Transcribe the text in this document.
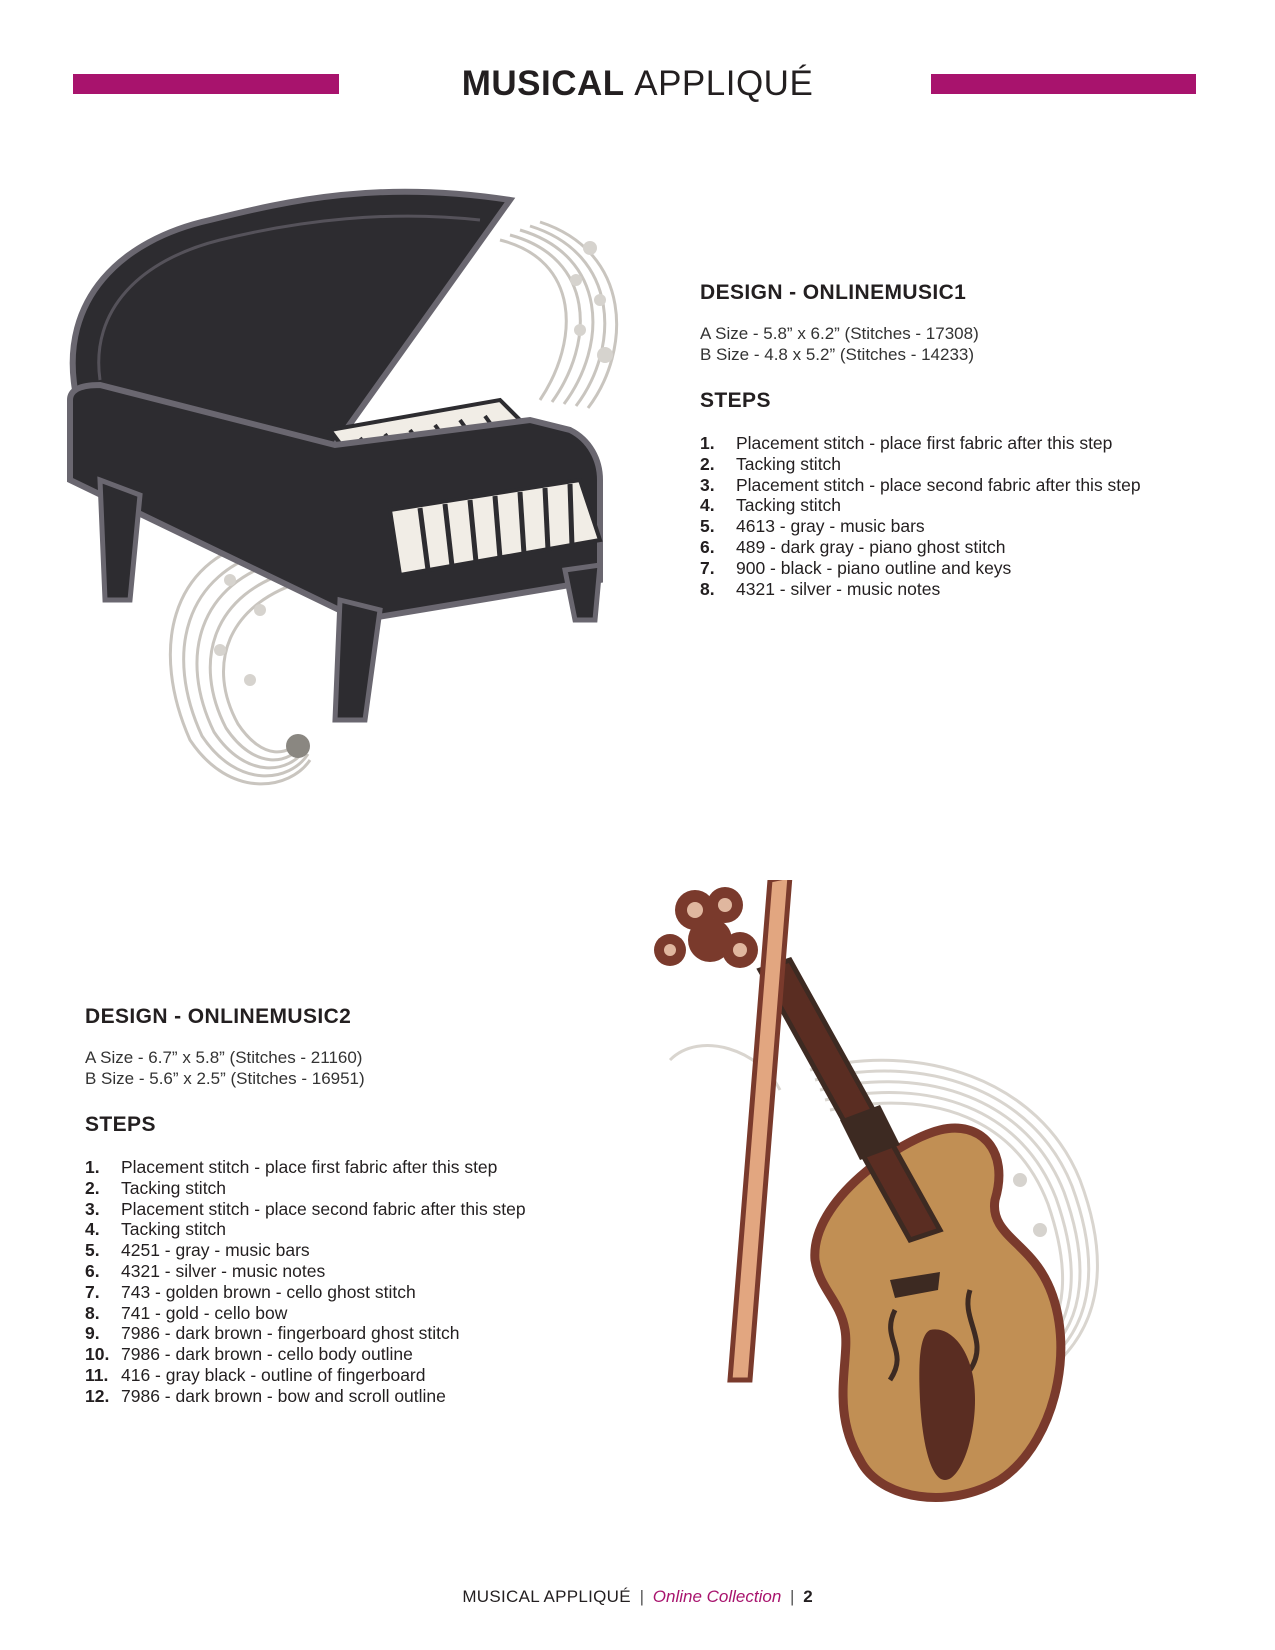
MUSICAL APPLIQUÉ
DESIGN - ONLINEMUSIC1

A Size - 5.8” x 6.2” (Stitches - 17308)

B Size - 4.8 x 5.2” (Stitches - 14233)

STEPS
1.	Placement stitch - place first fabric after this step
2.	Tacking stitch
3.	Placement stitch - place second fabric after this step
4.	Tacking stitch
5.	4613 - gray - music bars
6.	489 - dark gray - piano ghost stitch
7.	900 - black - piano outline and keys
8.	4321 - silver - music notes
DESIGN - ONLINEMUSIC2

A Size - 6.7” x 5.8” (Stitches - 21160)

B Size - 5.6” x 2.5” (Stitches - 16951)

STEPS
1.	Placement stitch - place first fabric after this step
2.	Tacking stitch
3.	Placement stitch - place second fabric after this step
4.	Tacking stitch
5.	4251 - gray - music bars
6.	4321 - silver - music notes
7.	743 - golden brown - cello ghost stitch
8.	741 - gold - cello bow
9.	7986 - dark brown - fingerboard ghost stitch
10. 7986 - dark brown - cello body outline
11. 416 - gray black - outline of fingerboard
12. 7986 - dark brown - bow and scroll outline
MUSICAL APPLIQUÉ | Online Collection | 2
